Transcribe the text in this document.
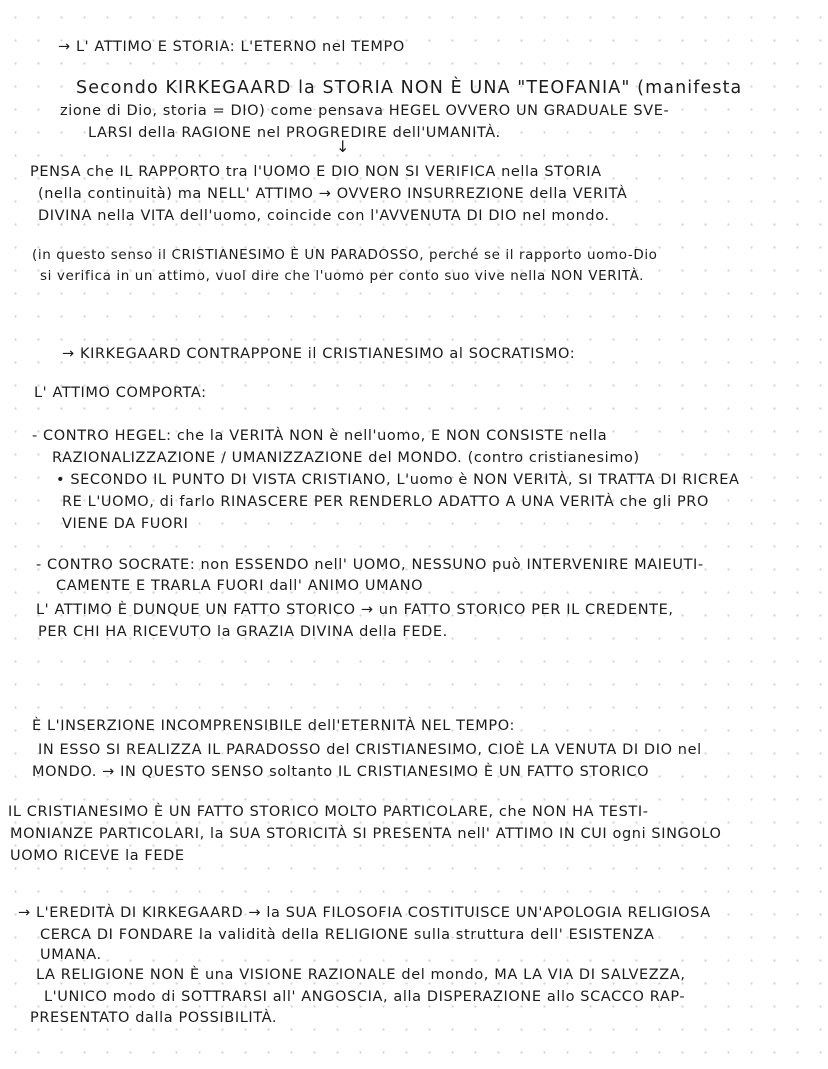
→ L' ATTIMO E STORIA: L'ETERNO nel TEMPO
Secondo KIRKEGAARD la STORIA NON È UNA "TEOFANIA" (manifesta
zione di Dio, storia = DIO) come pensava HEGEL OVVERO UN GRADUALE SVE-
LARSI della RAGIONE nel PROGREDIRE dell'UMANITÀ.
↓
PENSA che IL RAPPORTO tra l'UOMO E DIO NON SI VERIFICA nella STORIA
(nella continuità) ma NELL' ATTIMO → OVVERO INSURREZIONE della VERITÀ
DIVINA nella VITA dell'uomo, coincide con l'AVVENUTA DI DIO nel mondo.
(in questo senso il CRISTIANESIMO È UN PARADOSSO, perché se il rapporto uomo-Dio
si verifica in un attimo, vuol dire che l'uomo per conto suo vive nella NON VERITÀ.
→ KIRKEGAARD CONTRAPPONE il CRISTIANESIMO al SOCRATISMO:
L' ATTIMO COMPORTA:
- CONTRO HEGEL: che la VERITÀ NON è nell'uomo, E NON CONSISTE nella
RAZIONALIZZAZIONE / UMANIZZAZIONE del MONDO. (contro cristianesimo)
• SECONDO IL PUNTO DI VISTA CRISTIANO, L'uomo è NON VERITÀ, SI TRATTA DI RICREA
RE L'UOMO, di farlo RINASCERE PER RENDERLO ADATTO A UNA VERITÀ che gli PRO
VIENE DA FUORI
- CONTRO SOCRATE: non ESSENDO nell' UOMO, NESSUNO può INTERVENIRE MAIEUTI-
CAMENTE E TRARLA FUORI dall' ANIMO UMANO
L' ATTIMO È DUNQUE UN FATTO STORICO → un FATTO STORICO PER IL CREDENTE,
PER CHI HA RICEVUTO la GRAZIA DIVINA della FEDE.
È L'INSERZIONE INCOMPRENSIBILE dell'ETERNITÀ NEL TEMPO:
IN ESSO SI REALIZZA IL PARADOSSO del CRISTIANESIMO, CIOÈ LA VENUTA DI DIO nel
MONDO. → IN QUESTO SENSO soltanto IL CRISTIANESIMO È UN FATTO STORICO
IL CRISTIANESIMO È UN FATTO STORICO MOLTO PARTICOLARE, che NON HA TESTI-
MONIANZE PARTICOLARI, la SUA STORICITÀ SI PRESENTA nell' ATTIMO IN CUI ogni SINGOLO
UOMO RICEVE la FEDE
→ L'EREDITÀ DI KIRKEGAARD → la SUA FILOSOFIA COSTITUISCE UN'APOLOGIA RELIGIOSA
CERCA DI FONDARE la validità della RELIGIONE sulla struttura dell' ESISTENZA
UMANA.
LA RELIGIONE NON È una VISIONE RAZIONALE del mondo, MA LA VIA DI SALVEZZA,
L'UNICO modo di SOTTRARSI all' ANGOSCIA, alla DISPERAZIONE allo SCACCO RAP-
PRESENTATO dalla POSSIBILITÀ.
